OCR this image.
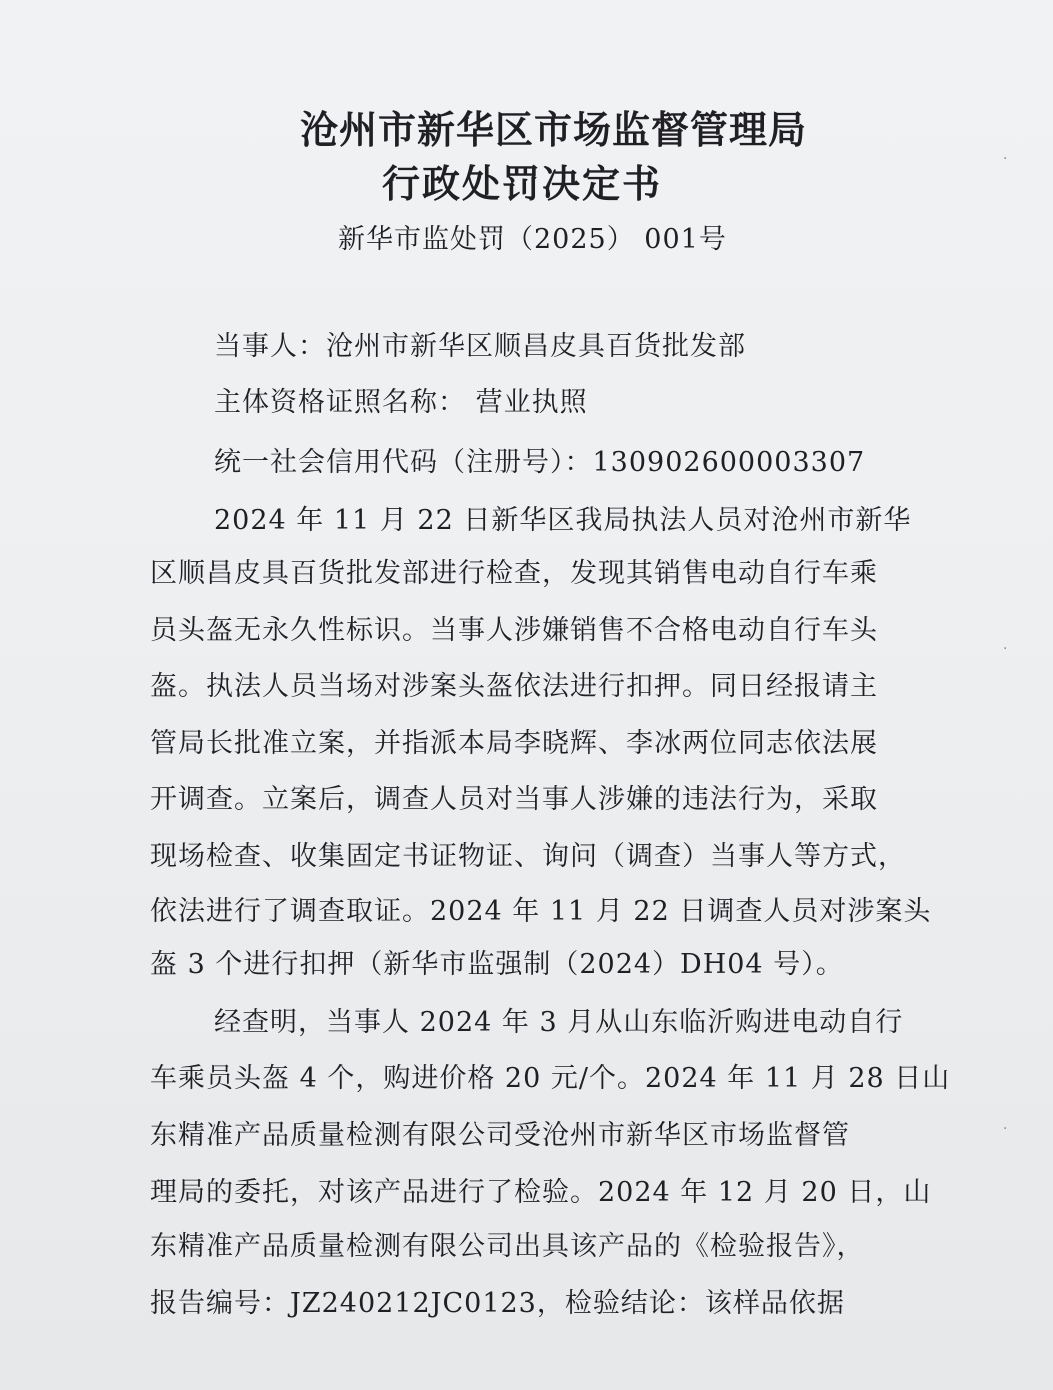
沧州市新华区市场监督管理局
行政处罚决定书
新华市监处罚（2025） 001号
当事人：沧州市新华区顺昌皮具百货批发部
主体资格证照名称： 营业执照
统一社会信用代码（注册号）：130902600003307
2024 年 11 月 22 日新华区我局执法人员对沧州市新华
区顺昌皮具百货批发部进行检查，发现其销售电动自行车乘
员头盔无永久性标识。当事人涉嫌销售不合格电动自行车头
盔。执法人员当场对涉案头盔依法进行扣押。同日经报请主
管局长批准立案，并指派本局李晓辉、李冰两位同志依法展
开调查。立案后，调查人员对当事人涉嫌的违法行为，采取
现场检查、收集固定书证物证、询问（调查）当事人等方式，
依法进行了调查取证。2024 年 11 月 22 日调查人员对涉案头
盔 3 个进行扣押（新华市监强制（2024）DH04 号）。
经查明，当事人 2024 年 3 月从山东临沂购进电动自行
车乘员头盔 4 个，购进价格 20 元/个。2024 年 11 月 28 日山
东精准产品质量检测有限公司受沧州市新华区市场监督管
理局的委托，对该产品进行了检验。2024 年 12 月 20 日，山
东精准产品质量检测有限公司出具该产品的《检验报告》，
报告编号：JZ240212JC0123，检验结论：该样品依据
·
·
·
